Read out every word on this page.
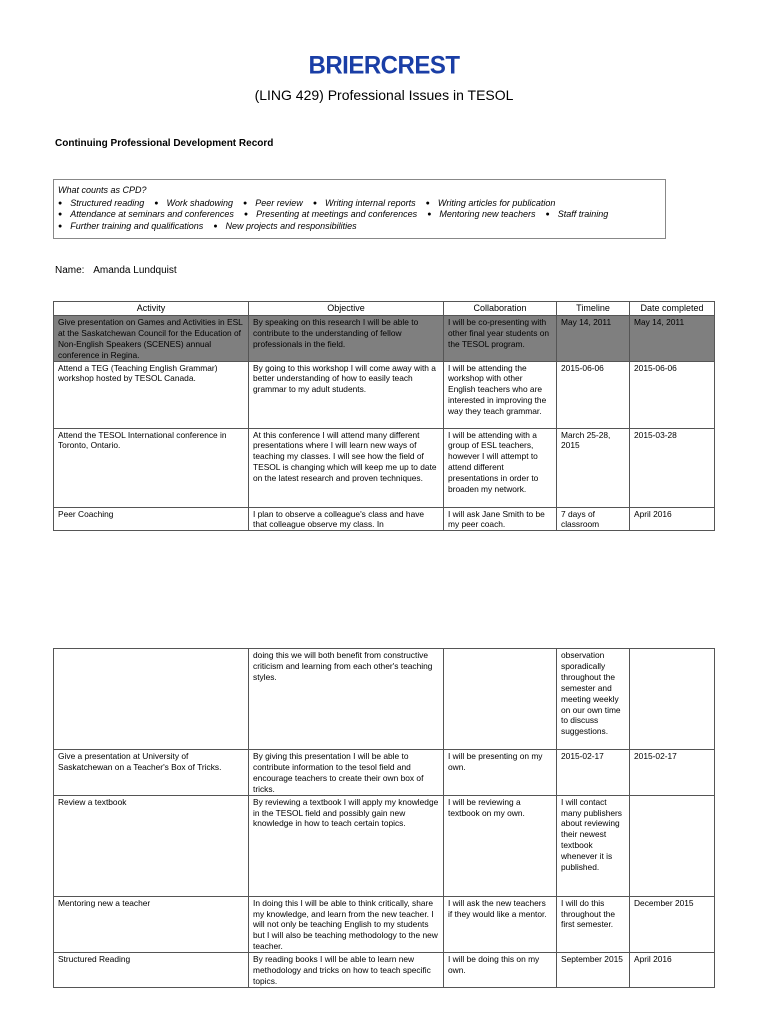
BRIERCREST
(LING 429) Professional Issues in TESOL
Continuing Professional Development Record
What counts as CPD?
● Structured reading ● Work shadowing ● Peer review ● Writing internal reports ● Writing articles for publication
● Attendance at seminars and conferences ● Presenting at meetings and conferences ● Mentoring new teachers ● Staff training
● Further training and qualifications ● New projects and responsibilities
Name: Amanda Lundquist
Activity	Objective	Collaboration	Timeline	Date completed
Give presentation on Games and Activities in ESL at the Saskatchewan Council for the Education of Non-English Speakers (SCENES) annual conference in Regina.	By speaking on this research I will be able to contribute to the understanding of fellow professionals in the field.	I will be co-presenting with other final year students on the TESOL program.	May 14, 2011	May 14, 2011
Attend a TEG (Teaching English Grammar) workshop hosted by TESOL Canada.	By going to this workshop I will come away with a better understanding of how to easily teach grammar to my adult students.	I will be attending the workshop with other English teachers who are interested in improving the way they teach grammar.	2015-06-06	2015-06-06
Attend the TESOL International conference in Toronto, Ontario.	At this conference I will attend many different presentations where I will learn new ways of teaching my classes. I will see how the field of TESOL is changing which will keep me up to date on the latest research and proven techniques.	I will be attending with a group of ESL teachers, however I will attempt to attend different presentations in order to broaden my network.	March 25-28, 2015	2015-03-28
Peer Coaching	I plan to observe a colleague's class and have that colleague observe my class. In	I will ask Jane Smith to be my peer coach.	7 days of classroom	April 2016
	doing this we will both benefit from constructive criticism and learning from each other's teaching styles.		observation sporadically throughout the semester and meeting weekly on our own time to discuss suggestions.	
Give a presentation at University of Saskatchewan on a Teacher's Box of Tricks.	By giving this presentation I will be able to contribute information to the tesol field and encourage teachers to create their own box of tricks.	I will be presenting on my own.	2015-02-17	2015-02-17
Review a textbook	By reviewing a textbook I will apply my knowledge in the TESOL field and possibly gain new knowledge in how to teach certain topics.	I will be reviewing a textbook on my own.	I will contact many publishers about reviewing their newest textbook whenever it is published.	
Mentoring new a teacher	In doing this I will be able to think critically, share my knowledge, and learn from the new teacher. I will not only be teaching English to my students but I will also be teaching methodology to the new teacher.	I will ask the new teachers if they would like a mentor.	I will do this throughout the first semester.	December 2015
Structured Reading	By reading books I will be able to learn new methodology and tricks on how to teach specific topics.	I will be doing this on my own.	September 2015	April 2016
